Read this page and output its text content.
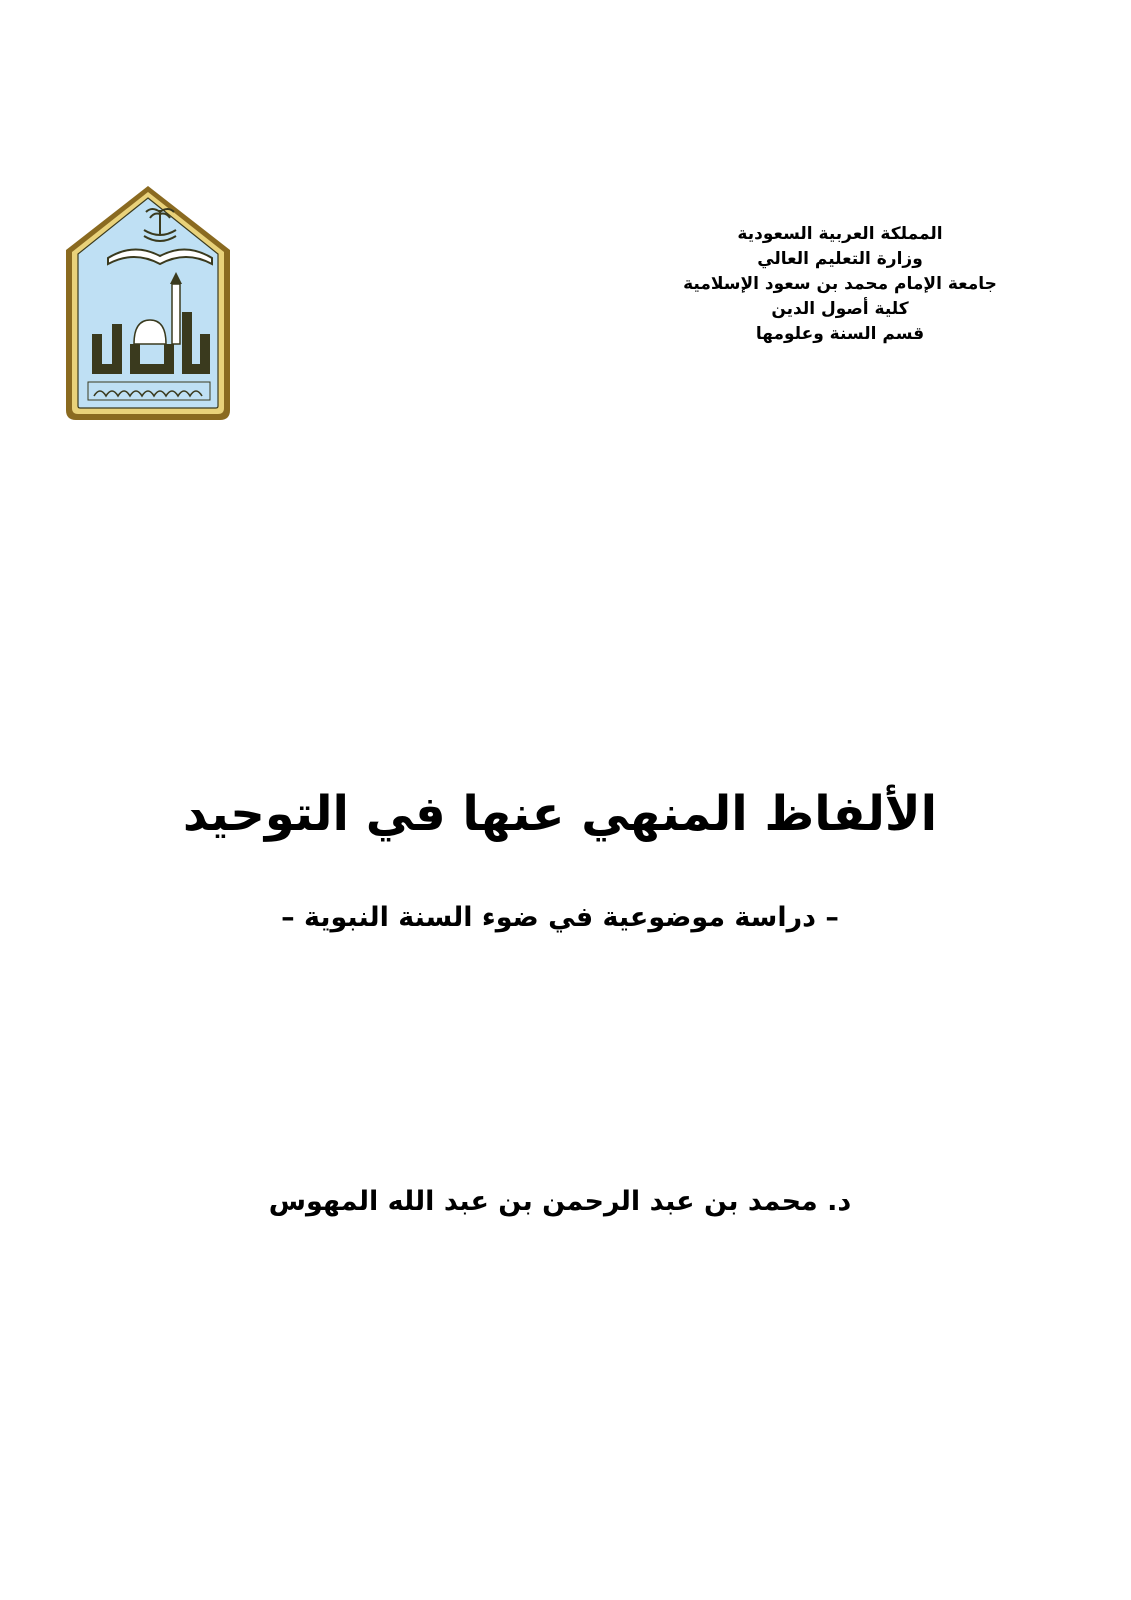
المملكة العربية السعودية
وزارة التعليم العالي
جامعة الإمام محمد بن سعود الإسلامية
كلية أصول الدين
قسم السنة وعلومها
الألفاظ المنهي عنها في التوحيد
– دراسة موضوعية في ضوء السنة النبوية –
د. محمد بن عبد الرحمن بن عبد الله المهوس
